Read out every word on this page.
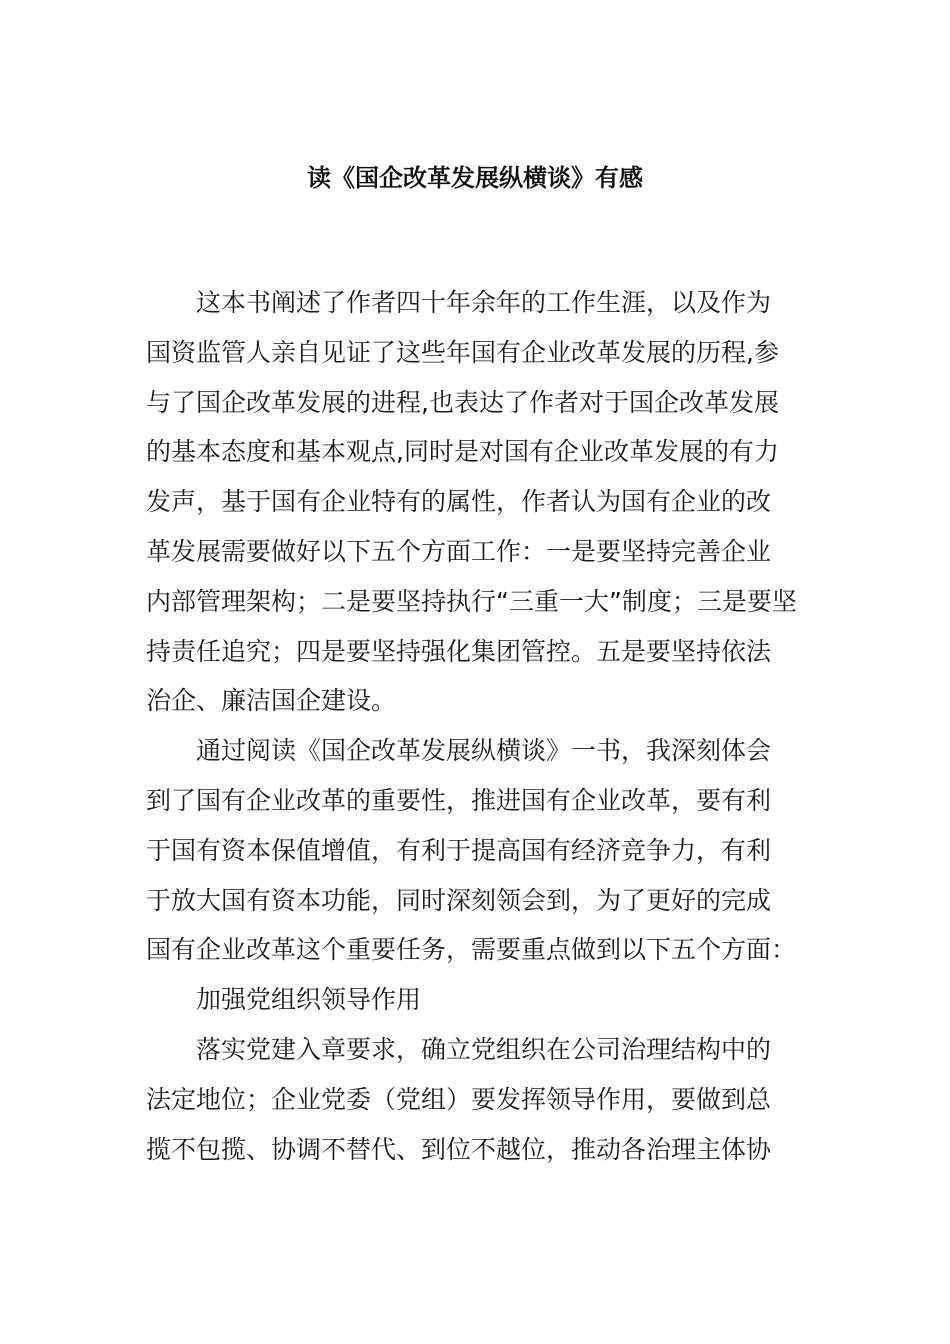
读《国企改革发展纵横谈》有感
这本书阐述了作者四十年余年的工作生涯，以及作为
国资监管人亲自见证了这些年国有企业改革发展的历程,参
与了国企改革发展的进程,也表达了作者对于国企改革发展
的基本态度和基本观点,同时是对国有企业改革发展的有力
发声，基于国有企业特有的属性，作者认为国有企业的改
革发展需要做好以下五个方面工作：一是要坚持完善企业
内部管理架构；二是要坚持执行“三重一大”制度；三是要坚
持责任追究；四是要坚持强化集团管控。五是要坚持依法
治企、廉洁国企建设。
通过阅读《国企改革发展纵横谈》一书，我深刻体会
到了国有企业改革的重要性，推进国有企业改革，要有利
于国有资本保值增值，有利于提高国有经济竞争力，有利
于放大国有资本功能，同时深刻领会到，为了更好的完成
国有企业改革这个重要任务，需要重点做到以下五个方面：
加强党组织领导作用
落实党建入章要求，确立党组织在公司治理结构中的
法定地位；企业党委（党组）要发挥领导作用，要做到总
揽不包揽、协调不替代、到位不越位，推动各治理主体协
